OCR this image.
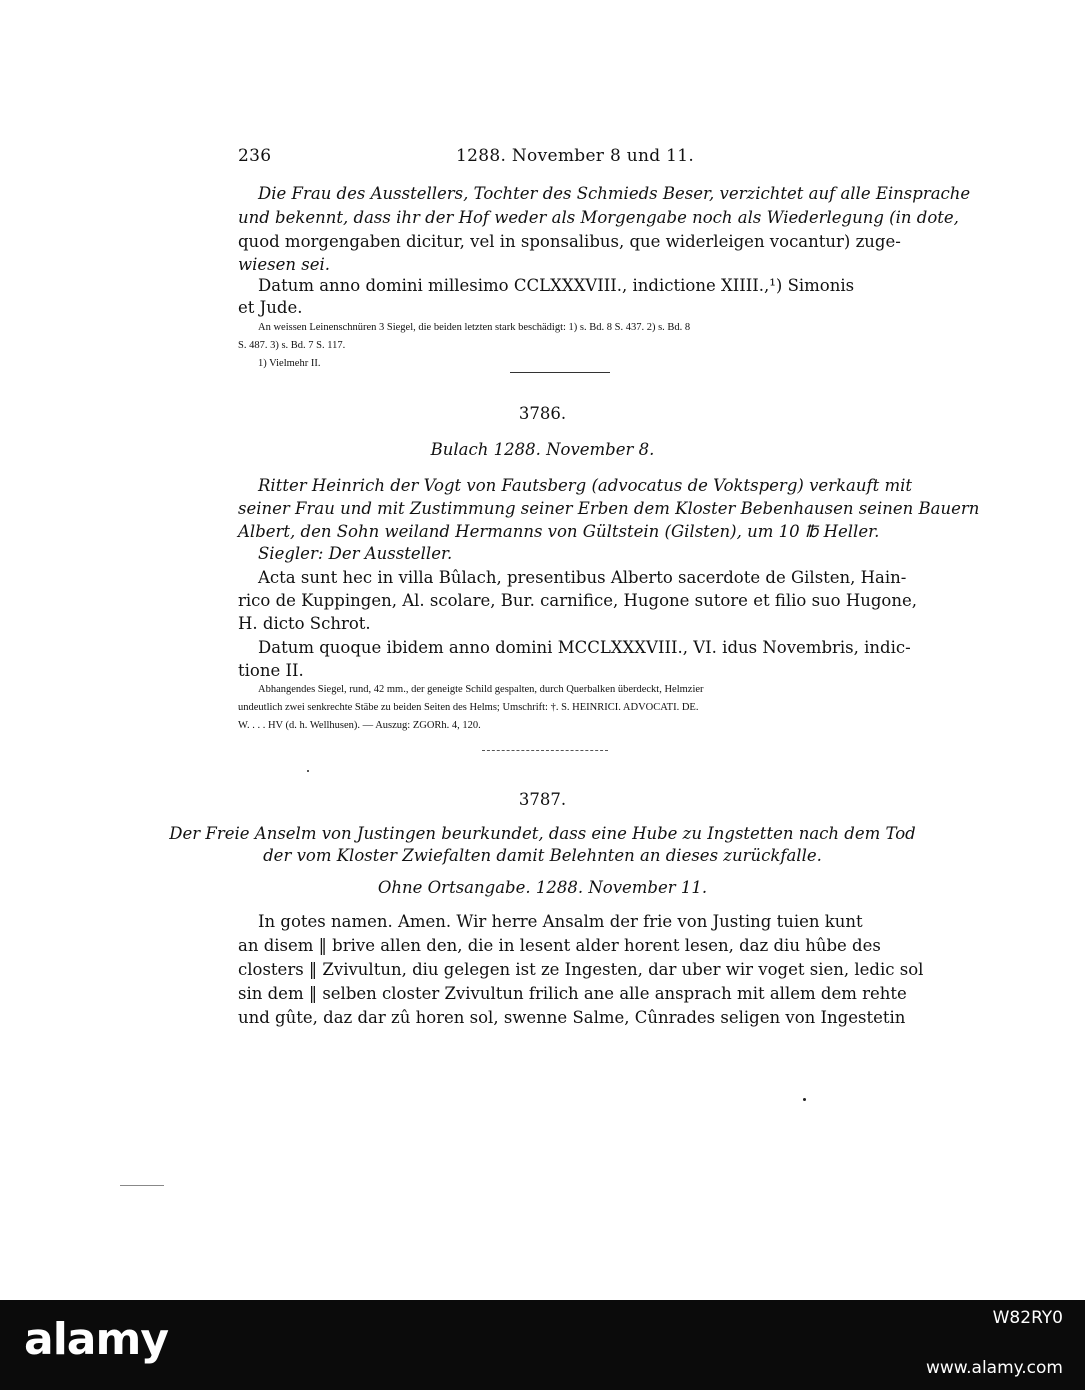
236	1288. November 8 und 11.
Die Frau des Ausstellers, Tochter des Schmieds Beser, verzichtet auf alle Einsprache
und bekennt, dass ihr der Hof weder als Morgengabe noch als Wiederlegung (in dote,
quod morgengaben dicitur, vel in sponsalibus, que widerleigen vocantur) zuge-
wiesen sei.
Datum anno domini millesimo CCLXXXVIII., indictione XIIII.,¹) Simonis
et Jude.
An weissen Leinenschnüren 3 Siegel, die beiden letzten stark beschädigt: 1) s. Bd. 8 S. 437. 2) s. Bd. 8
S. 487. 3) s. Bd. 7 S. 117.
1) Vielmehr II.
3786.
Bulach 1288. November 8.
Ritter Heinrich der Vogt von Fautsberg (advocatus de Voktsperg) verkauft mit
seiner Frau und mit Zustimmung seiner Erben dem Kloster Bebenhausen seinen Bauern
Albert, den Sohn weiland Hermanns von Gültstein (Gilsten), um 10 ℔ Heller.
Siegler: Der Aussteller.
Acta sunt hec in villa Bûlach, presentibus Alberto sacerdote de Gilsten, Hain-
rico de Kuppingen, Al. scolare, Bur. carnifice, Hugone sutore et filio suo Hugone,
H. dicto Schrot.
Datum quoque ibidem anno domini MCCLXXXVIII., VI. idus Novembris, indic-
tione II.
Abhangendes Siegel, rund, 42 mm., der geneigte Schild gespalten, durch Querbalken überdeckt, Helmzier
undeutlich zwei senkrechte Stäbe zu beiden Seiten des Helms; Umschrift: †. S. HEINRICI. ADVOCATI. DE.
W. . . . HV (d. h. Wellhusen). — Auszug: ZGORh. 4, 120.
3787.
Der Freie Anselm von Justingen beurkundet, dass eine Hube zu Ingstetten nach dem Tod
der vom Kloster Zwiefalten damit Belehnten an dieses zurückfalle.
Ohne Ortsangabe. 1288. November 11.
In gotes namen. Amen. Wir herre Ansalm der frie von Justing tuien kunt
an disem ‖ brive allen den, die in lesent alder horent lesen, daz diu hûbe des
closters ‖ Zvivultun, diu gelegen ist ze Ingesten, dar uber wir voget sien, ledic sol
sin dem ‖ selben closter Zvivultun frilich ane alle ansprach mit allem dem rehte
und gûte, daz dar zû horen sol, swenne Salme, Cûnrades seligen von Ingestetin
alamy	W82RY0
www.alamy.com
